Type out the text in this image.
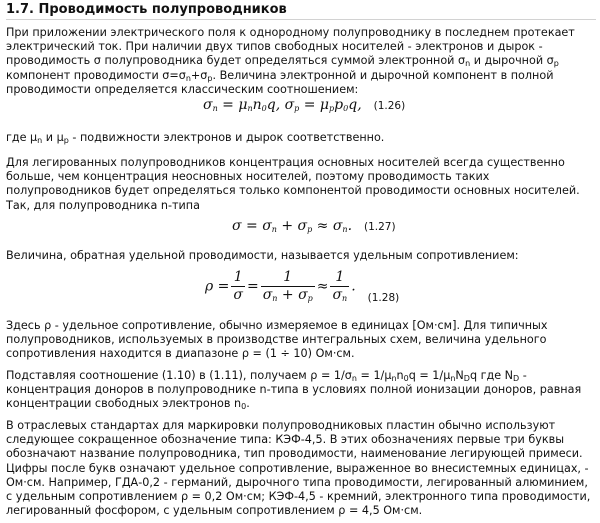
1.7. Проводимость полупроводников

При приложении электрического поля к однородному полупроводнику в последнем протекает электрический ток. При наличии двух типов свободных носителей - электронов и дырок - проводимость σ полупроводника будет определяться суммой электронной $\sigma_n$ и дырочной $\sigma_p$ компонент проводимости $\sigma=\sigma_n+\sigma_p$. Величина электронной и дырочной компонент в полной проводимости определяется классическим соотношением:

$\sigma_n = \mu_nn_0q$, $\sigma_p = \mu_pp_0q$, (1.26)

где $\mu_n$ и $\mu_p$ - подвижности электронов и дырок соответственно.

Для легированных полупроводников концентрация основных носителей всегда существенно больше, чем концентрация неосновных носителей, поэтому проводимость таких полупроводников будет определяться только компонентой проводимости основных носителей. Так, для полупроводника n-типа

$\sigma = \sigma_n + \sigma_p \approx \sigma_n$. (1.27)

Величина, обратная удельной проводимости, называется удельным сопротивлением:

$\rho = \frac{1}{\sigma} = \frac{1}{\sigma_n + \sigma_p} \approx \frac{1}{\sigma_n} ._{(1.28)}$

Здесь ρ - удельное сопротивление, обычно измеряемое в единицах [Ом·см]. Для типичных полупроводников, используемых в производстве интегральных схем, величина удельного сопротивления находится в диапазоне ρ = (1 ÷ 10) Ом·см.

Подставляя соотношение (1.10) в (1.11), получаем $\rho = 1/\sigma_n = 1/\mu_nn_0q = 1/\mu_nN_Dq$ где $N_D$ - концентрация доноров в полупроводнике n-типа в условиях полной ионизации доноров, равная концентрации свободных электронов $n_0$.

В отраслевых стандартах для маркировки полупроводниковых пластин обычно используют следующее сокращенное обозначение типа: КЭФ-4,5. В этих обозначениях первые три буквы обозначают название полупроводника, тип проводимости, наименование легирующей примеси. Цифры после букв означают удельное сопротивление, выраженное во внесистемных единицах, - Ом·см. Например, ГДА-0,2 - германий, дырочного типа проводимости, легированный алюминием, с удельным сопротивлением ρ = 0,2 Ом·см; КЭФ-4,5 - кремний, электронного типа проводимости, легированный фосфором, с удельным сопротивлением ρ = 4,5 Ом·см.
